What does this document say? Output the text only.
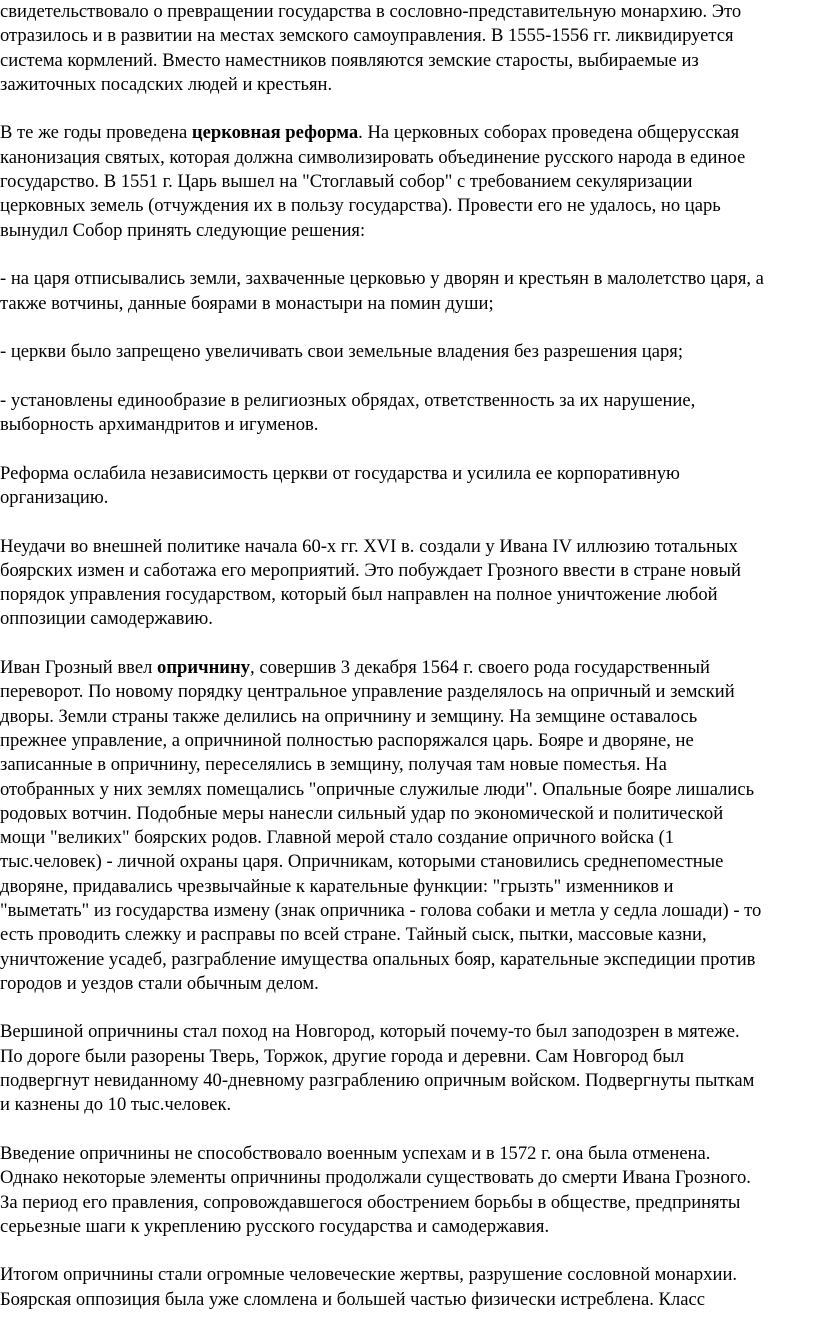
свидетельствовало о превращении государства в сословно-представительную монархию. Это
отразилось и в развитии на местах земского самоуправления. В 1555-1556 гг. ликвидируется
система кормлений. Вместо наместников появляются земские старосты, выбираемые из
зажиточных посадских людей и крестьян.

В те же годы проведена церковная реформа. На церковных соборах проведена общерусская
канонизация святых, которая должна символизировать объединение русского народа в единое
государство. В 1551 г. Царь вышел на "Стоглавый собор" с требованием секуляризации
церковных земель (отчуждения их в пользу государства). Провести его не удалось, но царь
вынудил Собор принять следующие решения:

- на царя отписывались земли, захваченные церковью у дворян и крестьян в малолетство царя, а
также вотчины, данные боярами в монастыри на помин души;

- церкви было запрещено увеличивать свои земельные владения без разрешения царя;

- установлены единообразие в религиозных обрядах, ответственность за их нарушение,
выборность архимандритов и игуменов.

Реформа ослабила независимость церкви от государства и усилила ее корпоративную
организацию.

Неудачи во внешней политике начала 60-х гг. XVI в. создали у Ивана IV иллюзию тотальных
боярских измен и саботажа его мероприятий. Это побуждает Грозного ввести в стране новый
порядок управления государством, который был направлен на полное уничтожение любой
оппозиции самодержавию.

Иван Грозный ввел опричнину, совершив 3 декабря 1564 г. своего рода государственный
переворот. По новому порядку центральное управление разделялось на опричный и земский
дворы. Земли страны также делились на опричнину и земщину. На земщине оставалось
прежнее управление, а опричниной полностью распоряжался царь. Бояре и дворяне, не
записанные в опричнину, переселялись в земщину, получая там новые поместья. На
отобранных у них землях помещались "опричные служилые люди". Опальные бояре лишались
родовых вотчин. Подобные меры нанесли сильный удар по экономической и политической
мощи "великих" боярских родов. Главной мерой стало создание опричного войска (1
тыс.человек) - личной охраны царя. Опричникам, которыми становились среднепоместные
дворяне, придавались чрезвычайные к карательные функции: "грызть" изменников и
"выметать" из государства измену (знак опричника - голова собаки и метла у седла лошади) - то
есть проводить слежку и расправы по всей стране. Тайный сыск, пытки, массовые казни,
уничтожение усадеб, разграбление имущества опальных бояр, карательные экспедиции против
городов и уездов стали обычным делом.

Вершиной опричнины стал поход на Новгород, который почему-то был заподозрен в мятеже.
По дороге были разорены Тверь, Торжок, другие города и деревни. Сам Новгород был
подвергнут невиданному 40-дневному разграблению опричным войском. Подвергнуты пыткам
и казнены до 10 тыс.человек.

Введение опричнины не способствовало военным успехам и в 1572 г. она была отменена.
Однако некоторые элементы опричнины продолжали существовать до смерти Ивана Грозного.
За период его правления, сопровождавшегося обострением борьбы в обществе, предприняты
серьезные шаги к укреплению русского государства и самодержавия.

Итогом опричнины стали огромные человеческие жертвы, разрушение сословной монархии.
Боярская оппозиция была уже сломлена и большей частью физически истреблена. Класс
